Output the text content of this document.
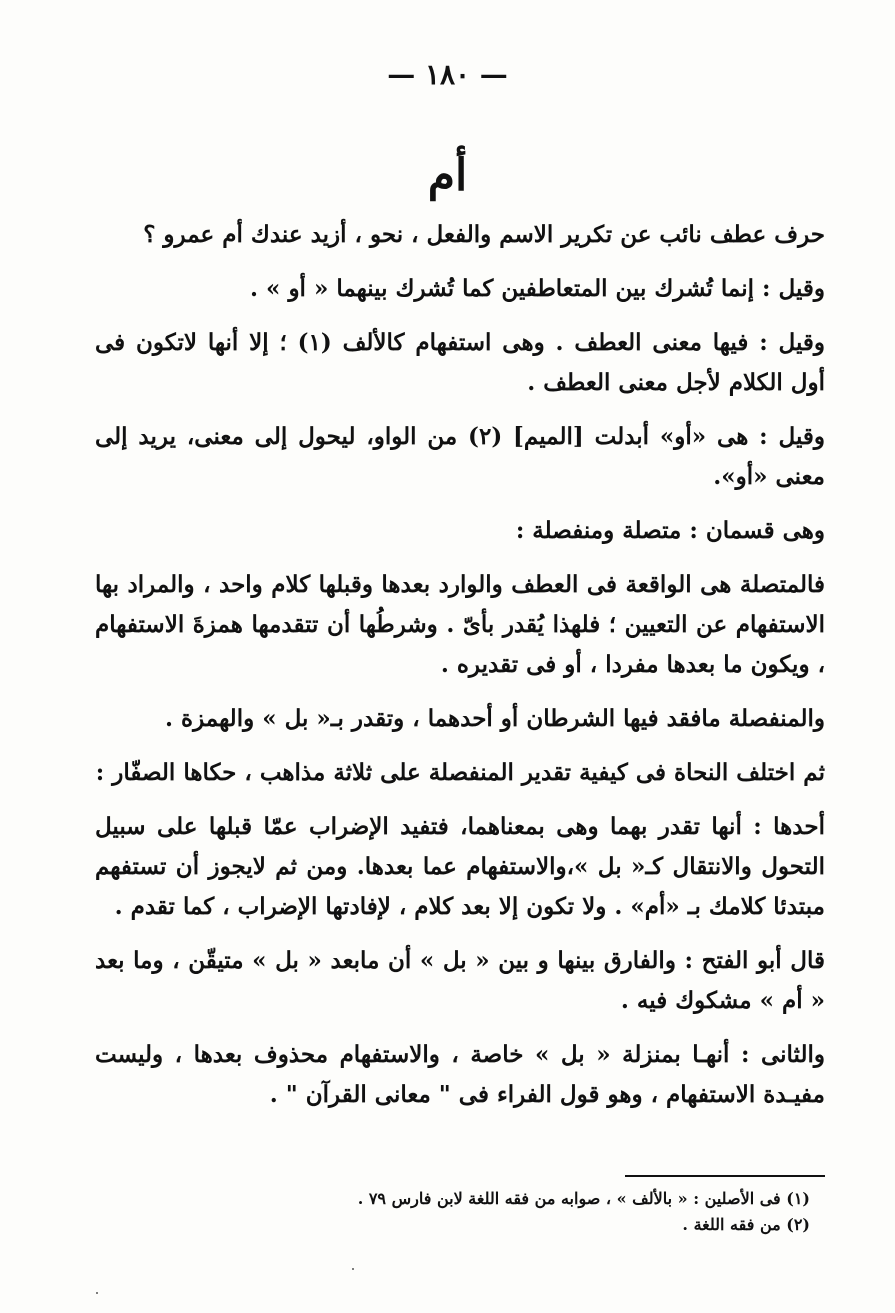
— ١٨٠ —
أم

حرف عطف نائب عن تكرير الاسم والفعل ، نحو ، أزيد عندك أم عمرو ؟

وقيل : إنما تُشرك بين المتعاطفين كما تُشرك بينهما « أو » .

وقيل : فيها معنى العطف . وهى استفهام كالألف (١) ؛ إلا أنها لاتكون فى أول الكلام لأجل معنى العطف .

وقيل : هى «أو» أبدلت [الميم] (٢) من الواو، ليحول إلى معنى، يريد إلى معنى «أو».

وهى قسمان : متصلة ومنفصلة :

فالمتصلة هى الواقعة فى العطف والوارد بعدها وقبلها كلام واحد ، والمراد بها الاستفهام عن التعيين ؛ فلهذا يُقدر بأىّ . وشرطُها أن تتقدمها همزةَ الاستفهام ، ويكون ما بعدها مفردا ، أو فى تقديره .

والمنفصلة مافقد فيها الشرطان أو أحدهما ، وتقدر بـ« بل » والهمزة .

ثم اختلف النحاة فى كيفية تقدير المنفصلة على ثلاثة مذاهب ، حكاها الصفّار :

أحدها : أنها تقدر بهما وهى بمعناهما، فتفيد الإضراب عمّا قبلها على سبيل التحول والانتقال كـ« بل »،والاستفهام عما بعدها. ومن ثم لايجوز أن تستفهم مبتدئا كلامك بـ «أم» . ولا تكون إلا بعد كلام ، لإفادتها الإضراب ، كما تقدم .

قال أبو الفتح : والفارق بينها و بين « بل » أن مابعد « بل » متيقّن ، وما بعد « أم » مشكوك فيه .

والثانى : أنهـا بمنزلة « بل » خاصة ، والاستفهام محذوف بعدها ، وليست مفيـدة الاستفهام ، وهو قول الفراء فى " معانى القرآن " .

(١) فى الأصلين : « بالألف » ، صوابه من فقه اللغة لابن فارس ٧٩ .
(٢) من فقه اللغة .
